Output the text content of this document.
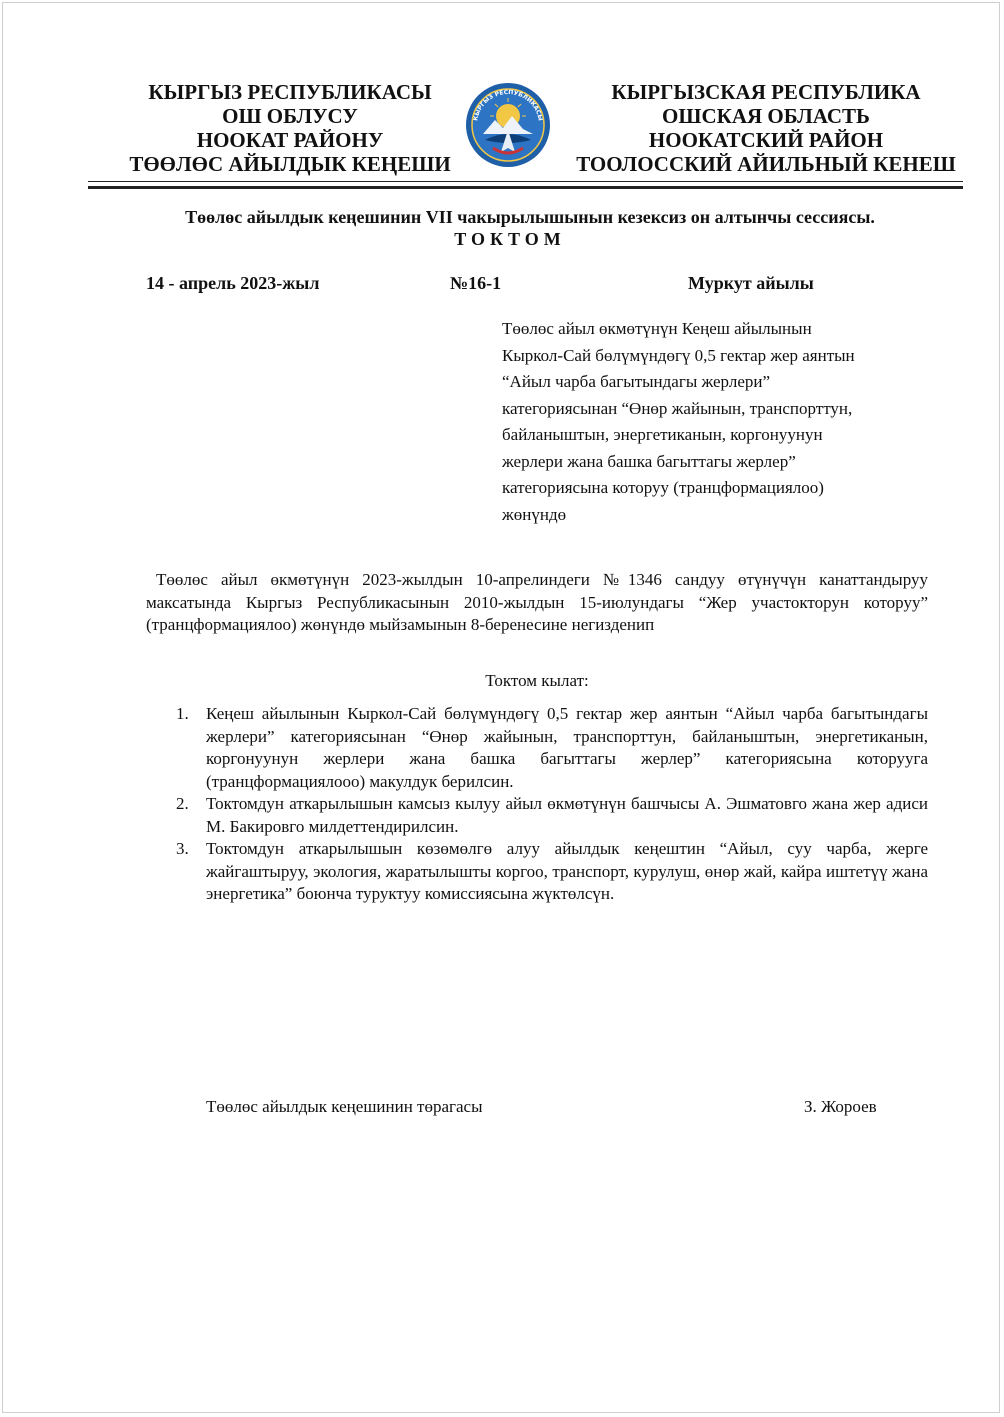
КЫРГЫЗ РЕСПУБЛИКАСЫ
ОШ ОБЛУСУ
НООКАТ РАЙОНУ
ТӨӨЛӨС АЙЫЛДЫК КЕҢЕШИ
КЫРГЫЗ РЕСПУБЛИКАСЫ
КЫРГЫЗСКАЯ РЕСПУБЛИКА
ОШСКАЯ ОБЛАСТЬ
НООКАТСКИЙ РАЙОН
ТООЛОССКИЙ АЙИЛЬНЫЙ КЕНЕШ
Төөлөс айылдык кеңешинин VII чакырылышынын кезексиз он алтынчы сессиясы.
ТОКТОМ
14 - апрель 2023-жыл	№16-1	Муркут айылы
Төөлөс айыл өкмөтүнүн Кеңеш айылынын
Кыркол-Сай бөлүмүндөгү 0,5 гектар жер аянтын
“Айыл чарба багытындагы жерлери”
категориясынан “Өнөр жайынын, транспорттун,
байланыштын, энергетиканын, коргонуунун
жерлери жана башка багыттагы жерлер”
категориясына которуу (транцформациялоо)
жөнүндө
Төөлөс айыл өкмөтүнүн 2023-жылдын 10-апрелиндеги №1346 сандуу өтүнүчүн канаттандыруу максатында Кыргыз Республикасынын 2010-жылдын 15-июлундагы “Жер участокторун которуу” (транцформациялоо) жөнүндө мыйзамынын 8-беренесине негизденип
Токтом кылат:
1. Кеңеш айылынын Кыркол-Сай бөлүмүндөгү 0,5 гектар жер аянтын “Айыл чарба багытындагы жерлери” категориясынан “Өнөр жайынын, транспорттун, байланыштын, энергетиканын, коргонуунун жерлери жана башка багыттагы жерлер” категориясына которууга (транцформациялооо) макулдук берилсин.
2. Токтомдун аткарылышын камсыз кылуу айыл өкмөтүнүн башчысы А. Эшматовго жана жер адиси М. Бакировго милдеттендирилсин.
3. Токтомдун аткарылышын көзөмөлгө алуу айылдык кеңештин “Айыл, суу чарба, жерге жайгаштыруу, экология, жаратылышты коргоо, транспорт, курулуш, өнөр жай, кайра иштетүү жана энергетика” боюнча туруктуу комиссиясына жүктөлсүн.
Төөлөс айылдык кеңешинин төрагасы	З. Жороев
